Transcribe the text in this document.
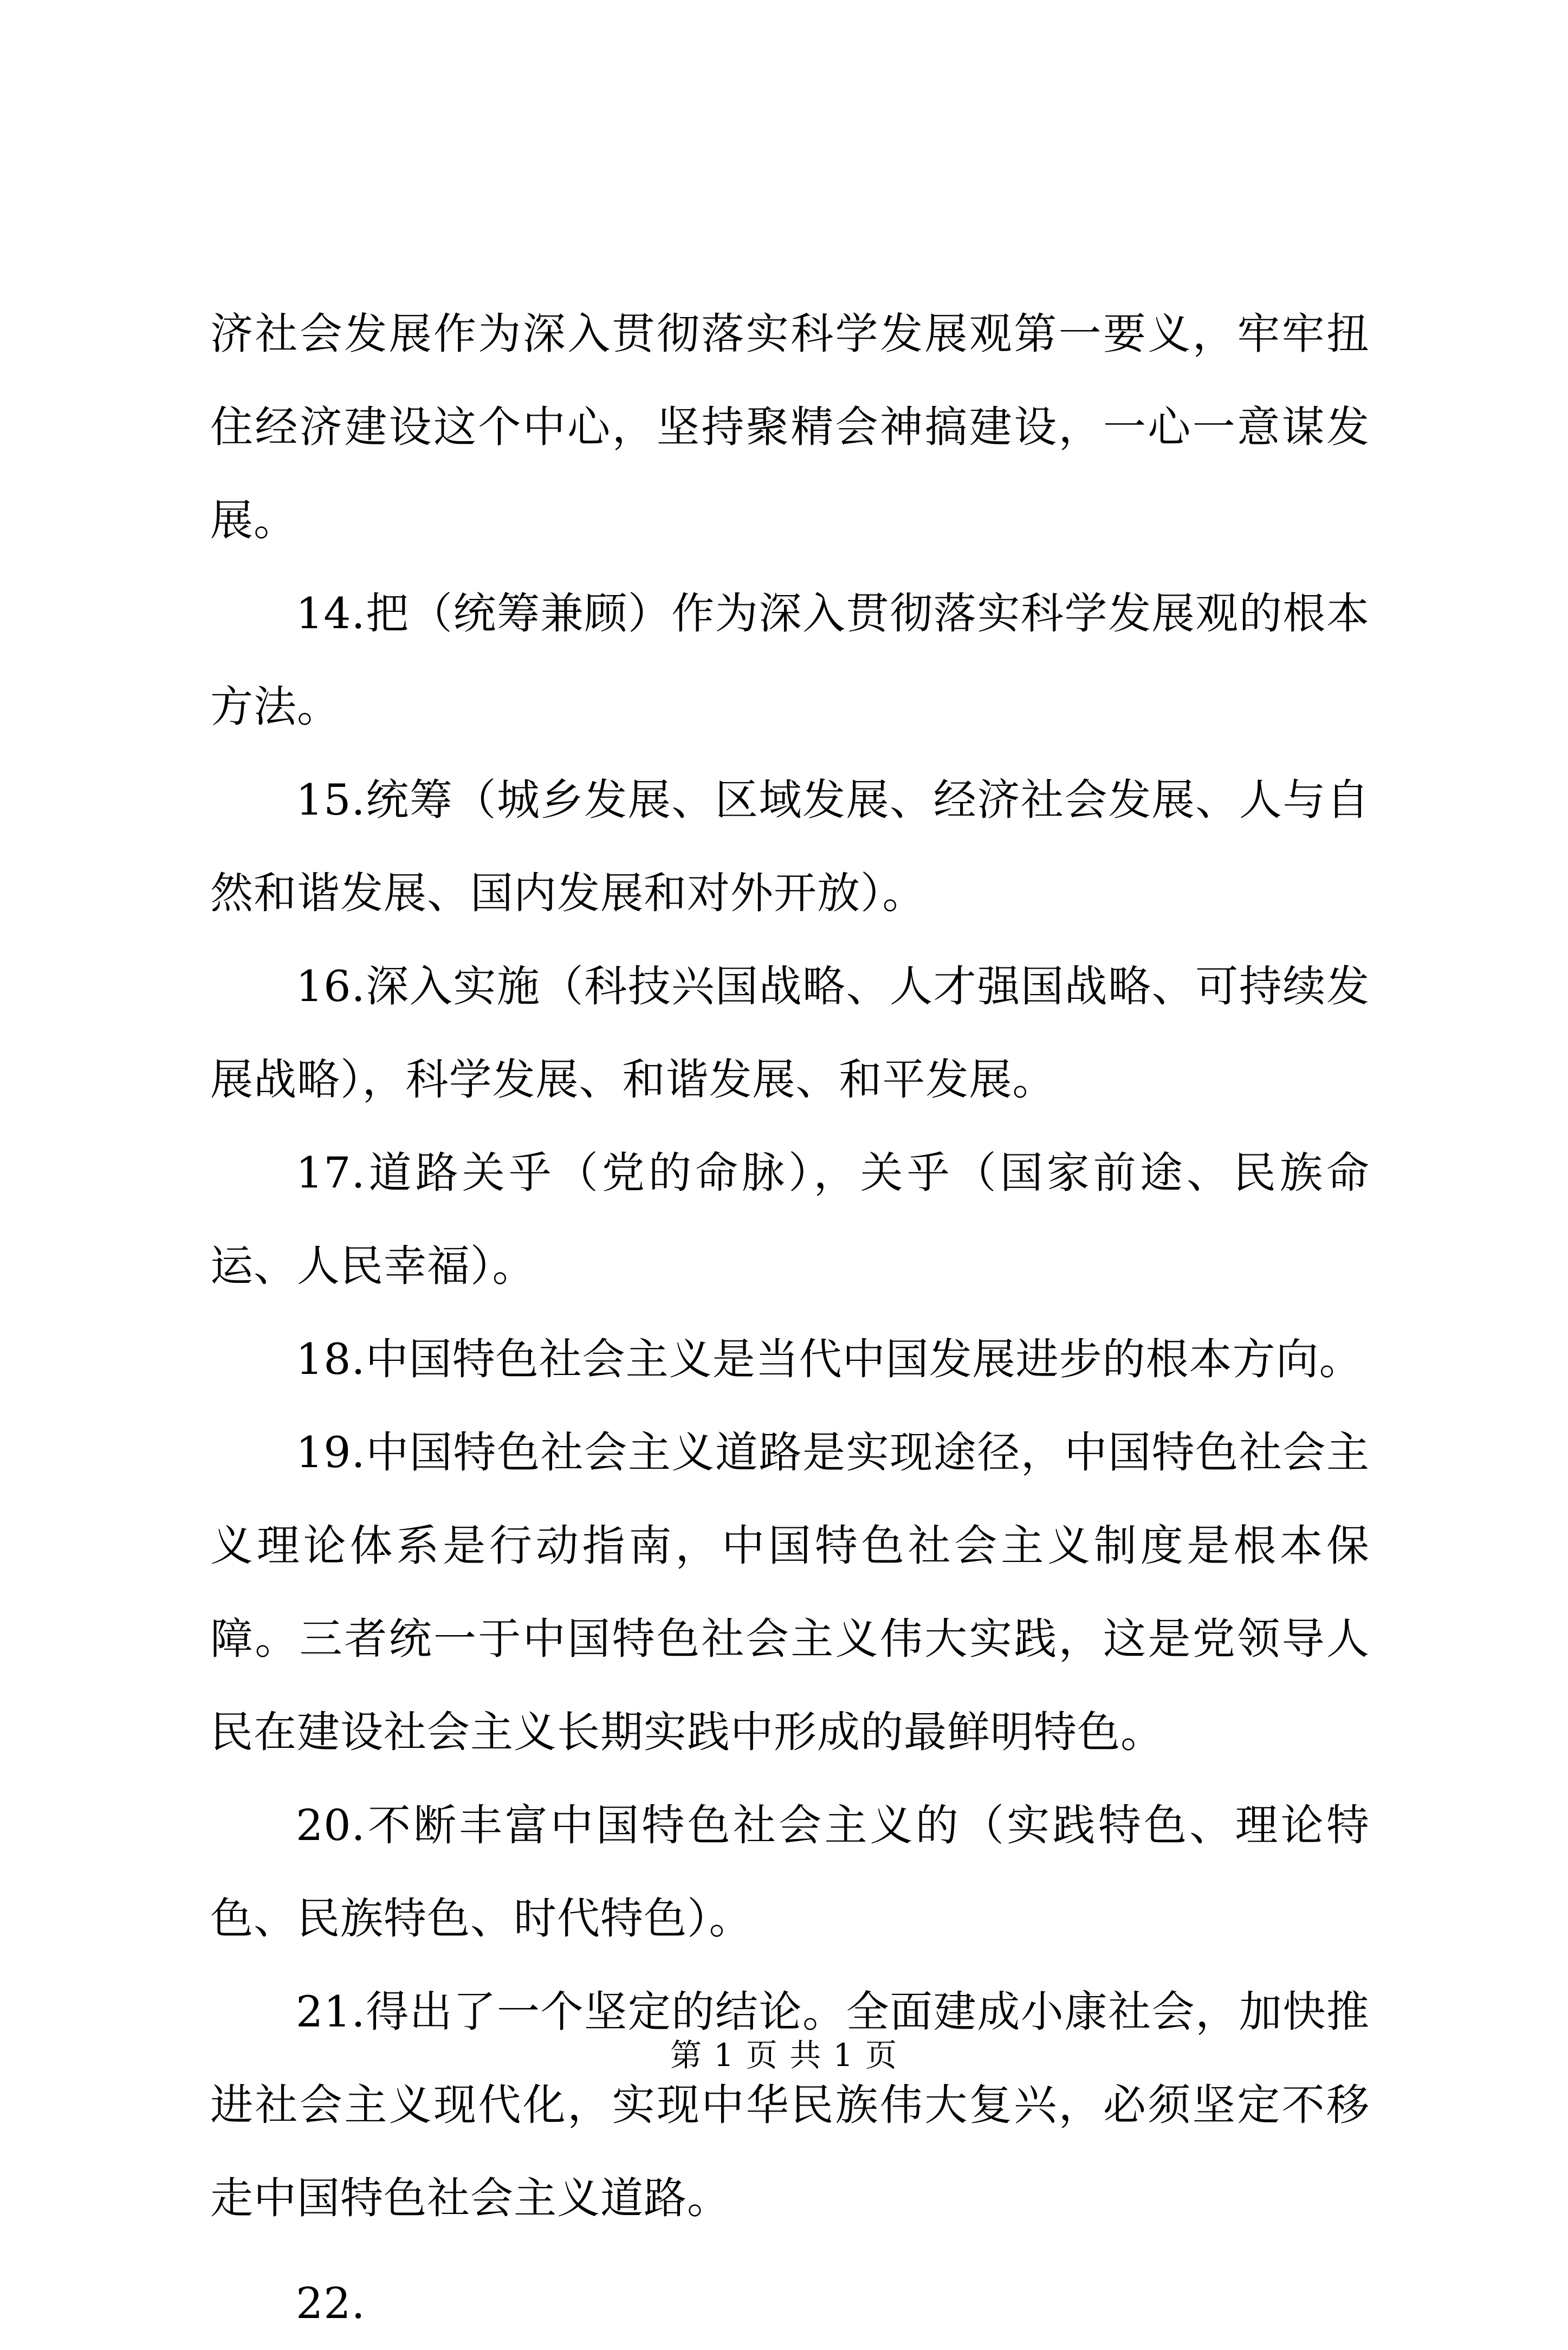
济社会发展作为深入贯彻落实科学发展观第一要义，牢牢扭住经济建设这个中心，坚持聚精会神搞建设，一心一意谋发展。

14.把（统筹兼顾）作为深入贯彻落实科学发展观的根本方法。

15.统筹（城乡发展、区域发展、经济社会发展、人与自然和谐发展、国内发展和对外开放）。

16.深入实施（科技兴国战略、人才强国战略、可持续发展战略），科学发展、和谐发展、和平发展。

17.道路关乎（党的命脉），关乎（国家前途、民族命运、人民幸福）。

18.中国特色社会主义是当代中国发展进步的根本方向。

19.中国特色社会主义道路是实现途径，中国特色社会主义理论体系是行动指南，中国特色社会主义制度是根本保障。三者统一于中国特色社会主义伟大实践，这是党领导人民在建设社会主义长期实践中形成的最鲜明特色。

20.不断丰富中国特色社会主义的（实践特色、理论特色、民族特色、时代特色）。

21.得出了一个坚定的结论。全面建成小康社会，加快推进社会主义现代化，实现中华民族伟大复兴，必须坚定不移走中国特色社会主义道路。

22.

第 1 页 共 1 页
